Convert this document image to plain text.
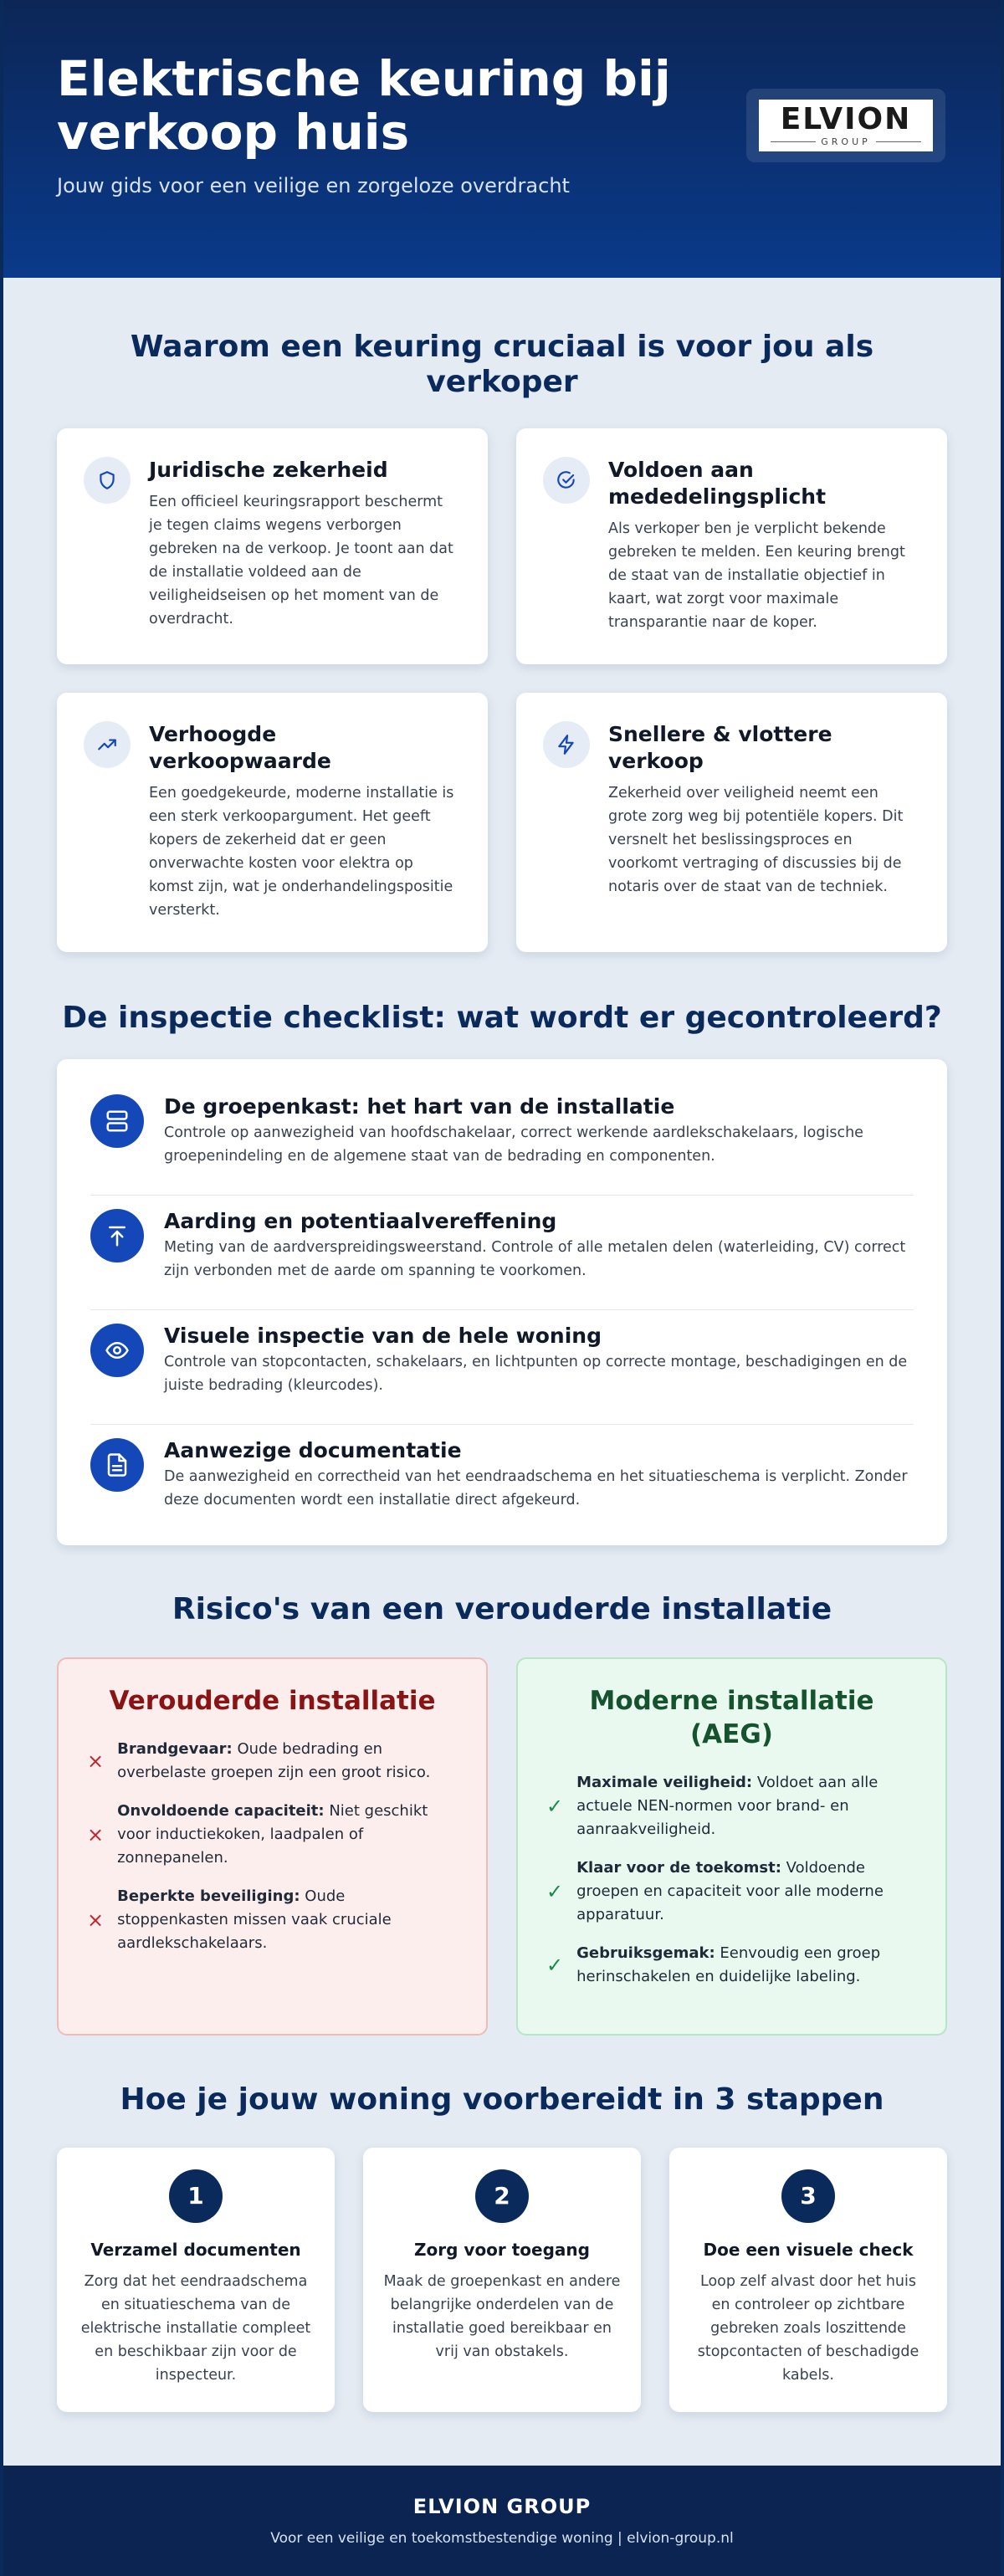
Elektrische keuring bij verkoop huis
Jouw gids voor een veilige en zorgeloze overdracht
ELVION
GROUP
Waarom een keuring cruciaal is voor jou als verkoper
Juridische zekerheid

Een officieel keuringsrapport beschermt je tegen claims wegens verborgen gebreken na de verkoop. Je toont aan dat de installatie voldeed aan de veiligheidseisen op het moment van de overdracht.

Voldoen aan mededelingsplicht

Als verkoper ben je verplicht bekende gebreken te melden. Een keuring brengt de staat van de installatie objectief in kaart, wat zorgt voor maximale transparantie naar de koper.

Verhoogde verkoopwaarde

Een goedgekeurde, moderne installatie is een sterk verkoopargument. Het geeft kopers de zekerheid dat er geen onverwachte kosten voor elektra op komst zijn, wat je onderhandelingspositie versterkt.

Snellere & vlottere verkoop

Zekerheid over veiligheid neemt een grote zorg weg bij potentiële kopers. Dit versnelt het beslissingsproces en voorkomt vertraging of discussies bij de notaris over de staat van de techniek.

De inspectie checklist: wat wordt er gecontroleerd?
De groepenkast: het hart van de installatie

Controle op aanwezigheid van hoofdschakelaar, correct werkende aardlekschakelaars, logische groepenindeling en de algemene staat van de bedrading en componenten.

Aarding en potentiaalvereffening

Meting van de aardverspreidingsweerstand. Controle of alle metalen delen (waterleiding, CV) correct zijn verbonden met de aarde om spanning te voorkomen.

Visuele inspectie van de hele woning

Controle van stopcontacten, schakelaars, en lichtpunten op correcte montage, beschadigingen en de juiste bedrading (kleurcodes).

Aanwezige documentatie

De aanwezigheid en correctheid van het eendraadschema en het situatieschema is verplicht. Zonder deze documenten wordt een installatie direct afgekeurd.

Risico's van een verouderde installatie
Verouderde installatie
×
Brandgevaar: Oude bedrading en overbelaste groepen zijn een groot risico.
×
Onvoldoende capaciteit: Niet geschikt voor inductiekoken, laadpalen of zonnepanelen.
×
Beperkte beveiliging: Oude stoppenkasten missen vaak cruciale aardlekschakelaars.
Moderne installatie (AEG)
✓
Maximale veiligheid: Voldoet aan alle actuele NEN-normen voor brand- en aanraakveiligheid.
✓
Klaar voor de toekomst: Voldoende groepen en capaciteit voor alle moderne apparatuur.
✓
Gebruiksgemak: Eenvoudig een groep herinschakelen en duidelijke labeling.
Hoe je jouw woning voorbereidt in 3 stappen
1
Verzamel documenten

Zorg dat het eendraadschema en situatieschema van de elektrische installatie compleet en beschikbaar zijn voor de inspecteur.

2
Zorg voor toegang

Maak de groepenkast en andere belangrijke onderdelen van de installatie goed bereikbaar en vrij van obstakels.

3
Doe een visuele check

Loop zelf alvast door het huis en controleer op zichtbare gebreken zoals loszittende stopcontacten of beschadigde kabels.

ELVION GROUP
Voor een veilige en toekomstbestendige woning | elvion-group.nl
